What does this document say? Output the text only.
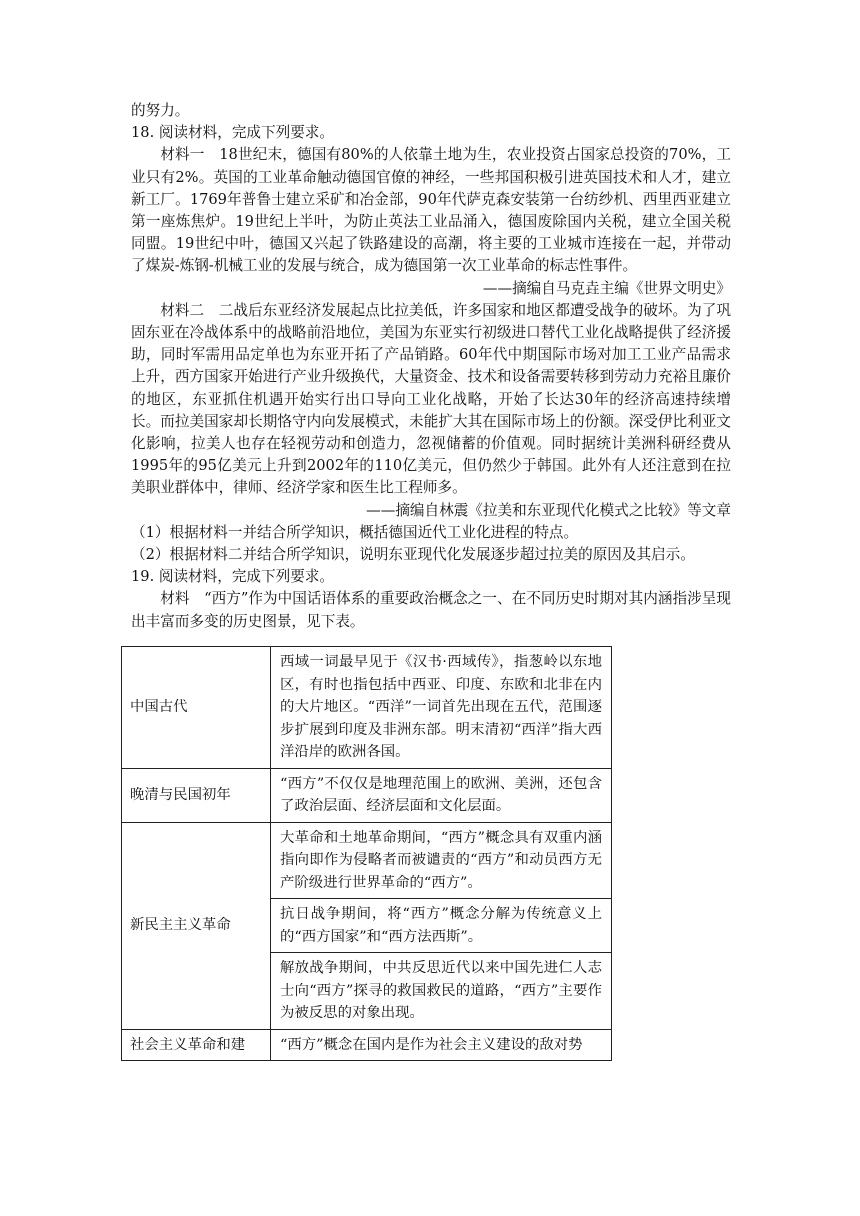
的努力。

18. 阅读材料，完成下列要求。

材料一　18世纪末，德国有80%的人依靠土地为生，农业投资占国家总投资的70%，工业只有2%。英国的工业革命触动德国官僚的神经，一些邦国积极引进英国技术和人才，建立新工厂。1769年普鲁士建立采矿和冶金部，90年代萨克森安装第一台纺纱机、西里西亚建立第一座炼焦炉。19世纪上半叶，为防止英法工业品涌入，德国废除国内关税，建立全国关税同盟。19世纪中叶，德国又兴起了铁路建设的高潮，将主要的工业城市连接在一起，并带动了煤炭-炼钢-机械工业的发展与统合，成为德国第一次工业革命的标志性事件。

——摘编自马克垚主编《世界文明史》

材料二　二战后东亚经济发展起点比拉美低，许多国家和地区都遭受战争的破坏。为了巩固东亚在冷战体系中的战略前沿地位，美国为东亚实行初级进口替代工业化战略提供了经济援助，同时军需用品定单也为东亚开拓了产品销路。60年代中期国际市场对加工工业产品需求上升，西方国家开始进行产业升级换代，大量资金、技术和设备需要转移到劳动力充裕且廉价的地区，东亚抓住机遇开始实行出口导向工业化战略，开始了长达30年的经济高速持续增长。而拉美国家却长期恪守内向发展模式，未能扩大其在国际市场上的份额。深受伊比利亚文化影响，拉美人也存在轻视劳动和创造力，忽视储蓄的价值观。同时据统计美洲科研经费从1995年的95亿美元上升到2002年的110亿美元，但仍然少于韩国。此外有人还注意到在拉美职业群体中，律师、经济学家和医生比工程师多。

——摘编自林震《拉美和东亚现代化模式之比较》等文章

（1）根据材料一并结合所学知识，概括德国近代工业化进程的特点。

（2）根据材料二并结合所学知识，说明东亚现代化发展逐步超过拉美的原因及其启示。

19. 阅读材料，完成下列要求。

材料　“西方”作为中国话语体系的重要政治概念之一、在不同历史时期对其内涵指涉呈现出丰富而多变的历史图景，见下表。

中国古代	西域一词最早见于《汉书·西域传》，指葱岭以东地区，有时也指包括中西亚、印度、东欧和北非在内的大片地区。“西洋”一词首先出现在五代，范围逐步扩展到印度及非洲东部。明末清初“西洋”指大西洋沿岸的欧洲各国。
晚清与民国初年	“西方”不仅仅是地理范围上的欧洲、美洲，还包含了政治层面、经济层面和文化层面。
新民主主义革命	大革命和土地革命期间，“西方”概念具有双重内涵指向即作为侵略者而被谴责的“西方”和动员西方无产阶级进行世界革命的“西方”。
	抗日战争期间，将“西方”概念分解为传统意义上的“西方国家”和“西方法西斯”。
	解放战争期间，中共反思近代以来中国先进仁人志士向“西方”探寻的救国救民的道路，“西方”主要作为被反思的对象出现。
社会主义革命和建	“西方”概念在国内是作为社会主义建设的敌对势
